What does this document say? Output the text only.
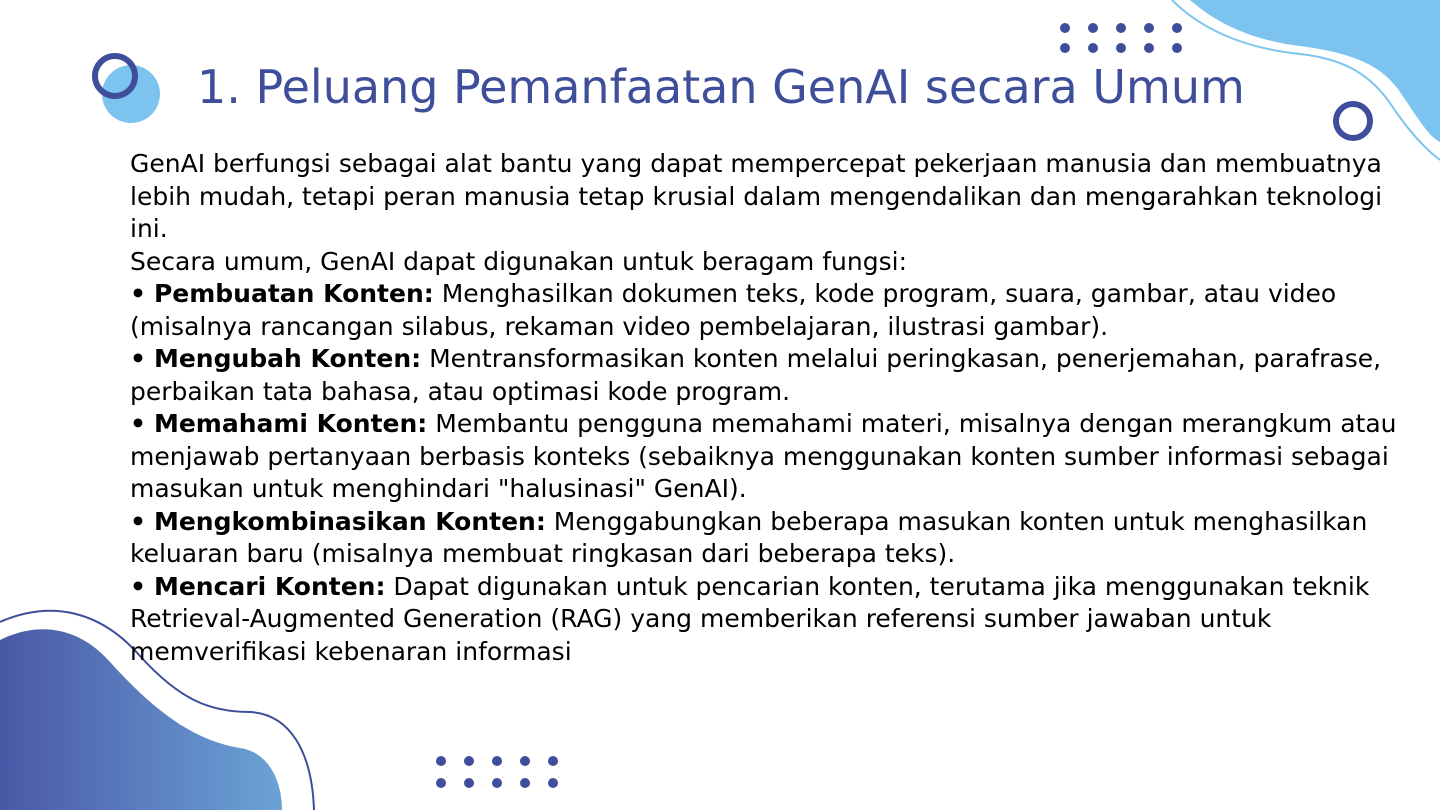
1. Peluang Pemanfaatan GenAI secara Umum

GenAI berfungsi sebagai alat bantu yang dapat mempercepat pekerjaan manusia dan membuatnya lebih mudah, tetapi peran manusia tetap krusial dalam mengendalikan dan mengarahkan teknologi ini.

Secara umum, GenAI dapat digunakan untuk beragam fungsi:

• Pembuatan Konten: Menghasilkan dokumen teks, kode program, suara, gambar, atau video (misalnya rancangan silabus, rekaman video pembelajaran, ilustrasi gambar).

• Mengubah Konten: Mentransformasikan konten melalui peringkasan, penerjemahan, parafrase, perbaikan tata bahasa, atau optimasi kode program.

• Memahami Konten: Membantu pengguna memahami materi, misalnya dengan merangkum atau menjawab pertanyaan berbasis konteks (sebaiknya menggunakan konten sumber informasi sebagai masukan untuk menghindari "halusinasi" GenAI).

• Mengkombinasikan Konten: Menggabungkan beberapa masukan konten untuk menghasilkan keluaran baru (misalnya membuat ringkasan dari beberapa teks).

• Mencari Konten: Dapat digunakan untuk pencarian konten, terutama jika menggunakan teknik Retrieval-Augmented Generation (RAG) yang memberikan referensi sumber jawaban untuk memverifikasi kebenaran informasi
